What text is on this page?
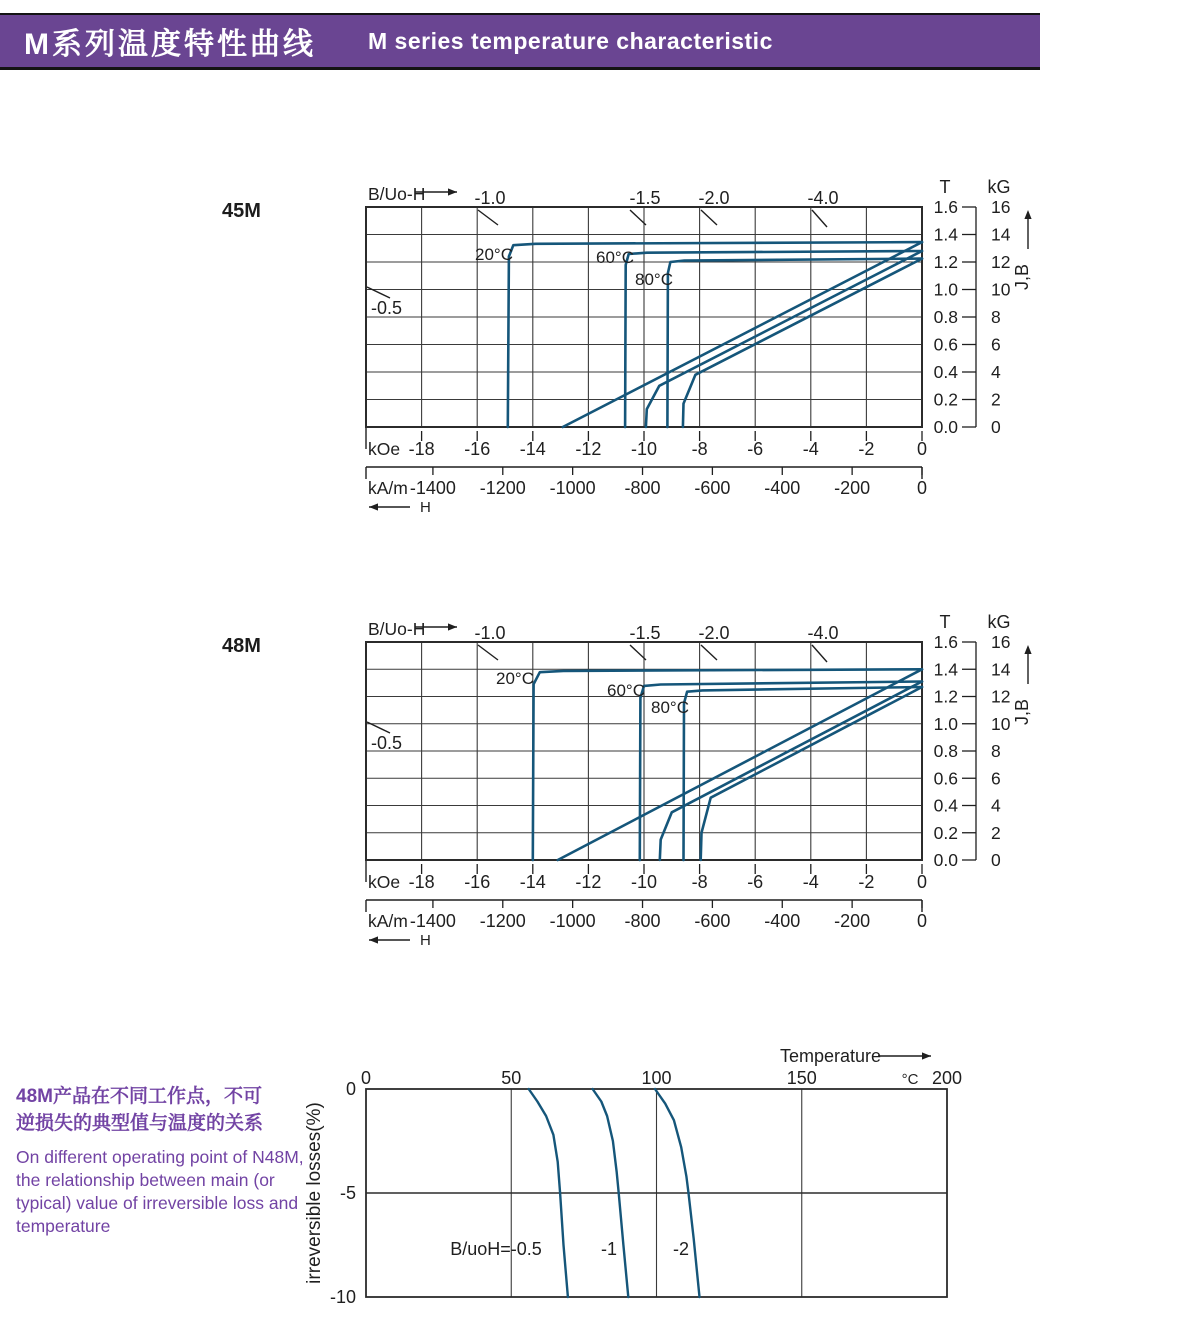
M系列温度特性曲线 M series temperature characteristic
45M
48M
48M产品在不同工作点，不可
逆损失的典型值与温度的关系
On different operating point of N48M,
the relationship between main (or
typical) value of irreversible loss and
temperature
-18 -16 -14 -12 -10 -8 -6 -4 -2 0
kOe
-1400 -1200 -1000 -800 -600 -400 -200	0
kA/m
H
1.6 16
1.4 14
1.2 12
1.0 10
0.8 8
0.6 6
0.4 4
0.2 2
0.0 0
T kG
J,B
B/Uo-H	-1.0	-1.5 -2.0	-4.0
-0.5
20°C	60°C
80°C
-18 -16 -14 -12 -10 -8 -6 -4 -2 0
kOe
-1400 -1200 -1000 -800 -600 -400 -200	0
kA/m
H
1.6 16
1.4 14
1.2 12
1.0 10
0.8 8
0.6 6
0.4 4
0.2 2
0.0 0
T kG
J,B
B/Uo-H	-1.0	-1.5 -2.0	-4.0
-0.5
20°C
60°C
80°C
0	50	100	150	200
°C
0
-5
-10
Temperature
irreversible losses(%)	B/uoH=-0.5	-1	-2
